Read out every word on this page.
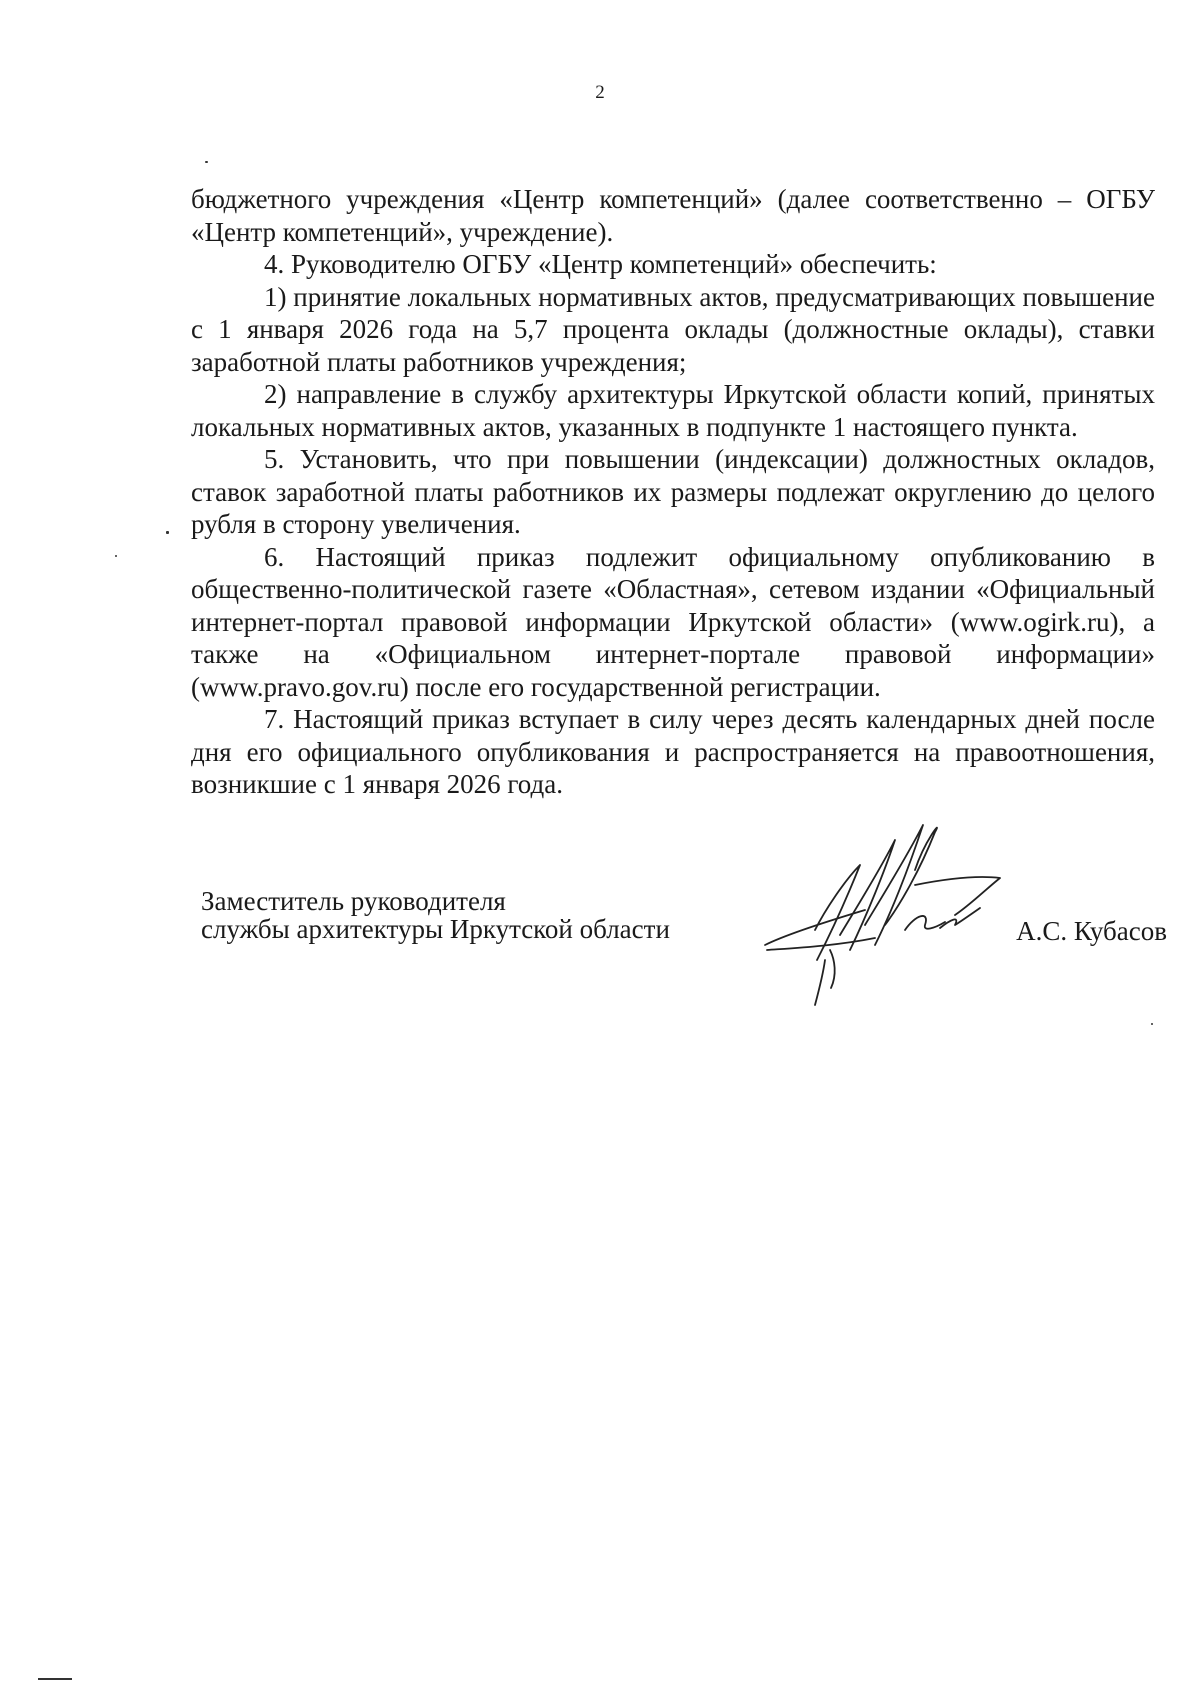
2

бюджетного учреждения «Центр компетенций» (далее соответственно – ОГБУ «Центр компетенций», учреждение).

4. Руководителю ОГБУ «Центр компетенций» обеспечить:

1) принятие локальных нормативных актов, предусматривающих повышение с 1 января 2026 года на 5,7 процента оклады (должностные оклады), ставки заработной платы работников учреждения;

2) направление в службу архитектуры Иркутской области копий, принятых локальных нормативных актов, указанных в подпункте 1 настоящего пункта.

5. Установить, что при повышении (индексации) должностных окладов, ставок заработной платы работников их размеры подлежат округлению до целого рубля в сторону увеличения.

6. Настоящий приказ подлежит официальному опубликованию в общественно-политической газете «Областная», сетевом издании «Официальный интернет-портал правовой информации Иркутской области» (www.ogirk.ru), а также на «Официальном интернет-портале правовой информации» (www.pravo.gov.ru) после его государственной регистрации.

7. Настоящий приказ вступает в силу через десять календарных дней после дня его официального опубликования и распространяется на правоотношения, возникшие с 1 января 2026 года.

Заместитель руководителя
службы архитектуры Иркутской области	А.С. Кубасов
